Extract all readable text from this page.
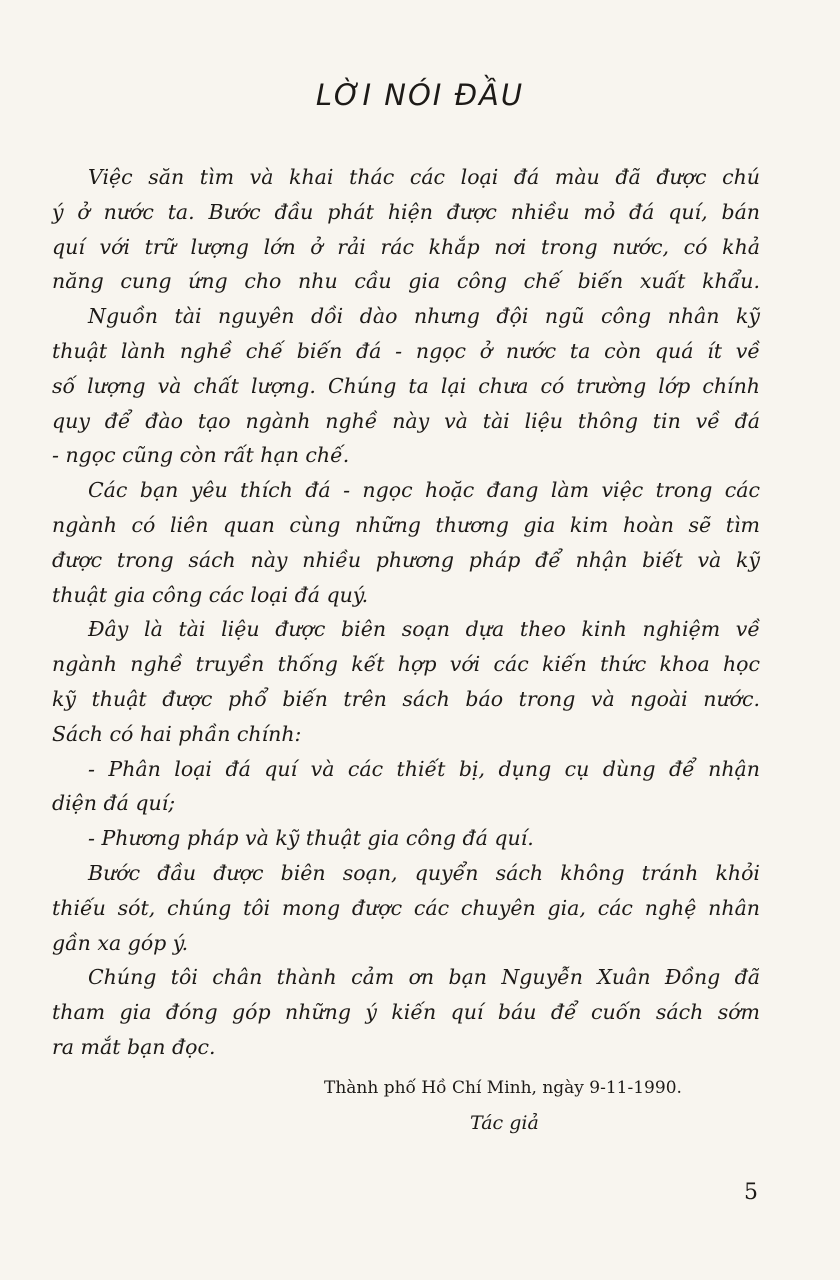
LỜI NÓI ĐẦU
Việc săn tìm và khai thác các loại đá màu đã được chú
ý ở nước ta. Bước đầu phát hiện được nhiều mỏ đá quí, bán
quí với trữ lượng lớn ở rải rác khắp nơi trong nước, có khả
năng cung ứng cho nhu cầu gia công chế biến xuất khẩu.
Nguồn tài nguyên dồi dào nhưng đội ngũ công nhân kỹ
thuật lành nghề chế biến đá - ngọc ở nước ta còn quá ít về
số lượng và chất lượng. Chúng ta lại chưa có trường lớp chính
quy để đào tạo ngành nghề này và tài liệu thông tin về đá
- ngọc cũng còn rất hạn chế.
Các bạn yêu thích đá - ngọc hoặc đang làm việc trong các
ngành có liên quan cùng những thương gia kim hoàn sẽ tìm
được trong sách này nhiều phương pháp để nhận biết và kỹ
thuật gia công các loại đá quý.
Đây là tài liệu được biên soạn dựa theo kinh nghiệm về
ngành nghề truyền thống kết hợp với các kiến thức khoa học
kỹ thuật được phổ biến trên sách báo trong và ngoài nước.
Sách có hai phần chính:
- Phân loại đá quí và các thiết bị, dụng cụ dùng để nhận
diện đá quí;
- Phương pháp và kỹ thuật gia công đá quí.
Bước đầu được biên soạn, quyển sách không tránh khỏi
thiếu sót, chúng tôi mong được các chuyên gia, các nghệ nhân
gần xa góp ý.
Chúng tôi chân thành cảm ơn bạn Nguyễn Xuân Đồng đã
tham gia đóng góp những ý kiến quí báu để cuốn sách sớm
ra mắt bạn đọc.
Thành phố Hồ Chí Minh, ngày 9-11-1990.
Tác giả
5
